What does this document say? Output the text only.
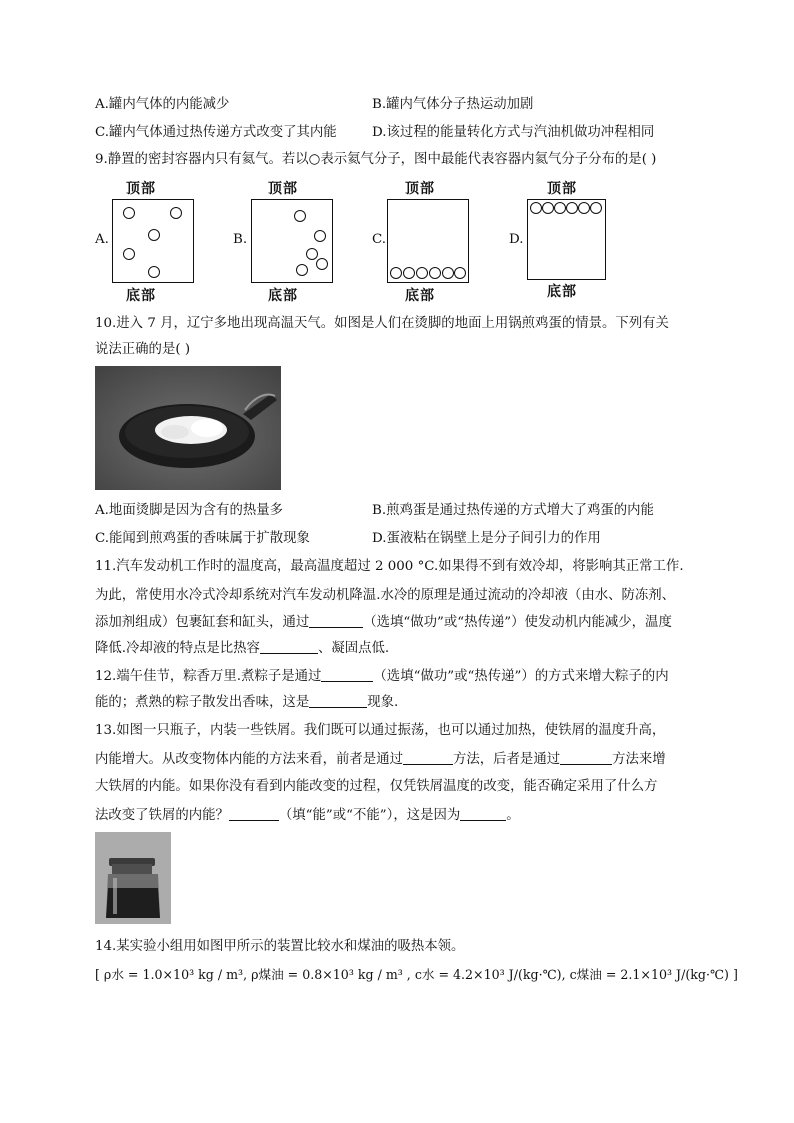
A.罐内气体的内能减少	B.罐内气体分子热运动加剧
C.罐内气体通过热传递方式改变了其内能	D.该过程的能量转化方式与汽油机做功冲程相同
9.静置的密封容器内只有氦气。若以○表示氦气分子，图中最能代表容器内氦气分子分布的是( )
顶部
A.
底部
顶部
B.
底部
顶部
C.
底部
顶部
D.
底部
10.进入 7 月，辽宁多地出现高温天气。如图是人们在烫脚的地面上用锅煎鸡蛋的情景。下列有关
说法正确的是( )
A.地面烫脚是因为含有的热量多	B.煎鸡蛋是通过热传递的方式增大了鸡蛋的内能
C.能闻到煎鸡蛋的香味属于扩散现象	D.蛋液粘在锅壁上是分子间引力的作用
11.汽车发动机工作时的温度高，最高温度超过 2 000 °C.如果得不到有效冷却，将影响其正常工作.
为此，常使用水冷式冷却系统对汽车发动机降温.水冷的原理是通过流动的冷却液（由水、防冻剂、
添加剂组成）包裹缸套和缸头，通过	（选填“做功”或“热传递”）使发动机内能减少，温度
降低.冷却液的特点是比热容	、凝固点低.
12.端午佳节，粽香万里.煮粽子是通过	（选填“做功”或“热传递”）的方式来增大粽子的内
能的；煮熟的粽子散发出香味，这是	现象.
13.如图一只瓶子，内装一些铁屑。我们既可以通过振荡，也可以通过加热，使铁屑的温度升高，
内能增大。从改变物体内能的方法来看，前者是通过	方法，后者是通过	方法来增
大铁屑的内能。如果你没有看到内能改变的过程，仅凭铁屑温度的改变，能否确定采用了什么方
法改变了铁屑的内能？	（填“能”或“不能”），这是因为	。
14.某实验小组用如图甲所示的装置比较水和煤油的吸热本领。
[ ρ水 = 1.0×10³ kg / m³, ρ煤油 = 0.8×10³ kg / m³ , c水 = 4.2×10³ J/(kg·℃), c煤油 = 2.1×10³ J/(kg·℃) ]
